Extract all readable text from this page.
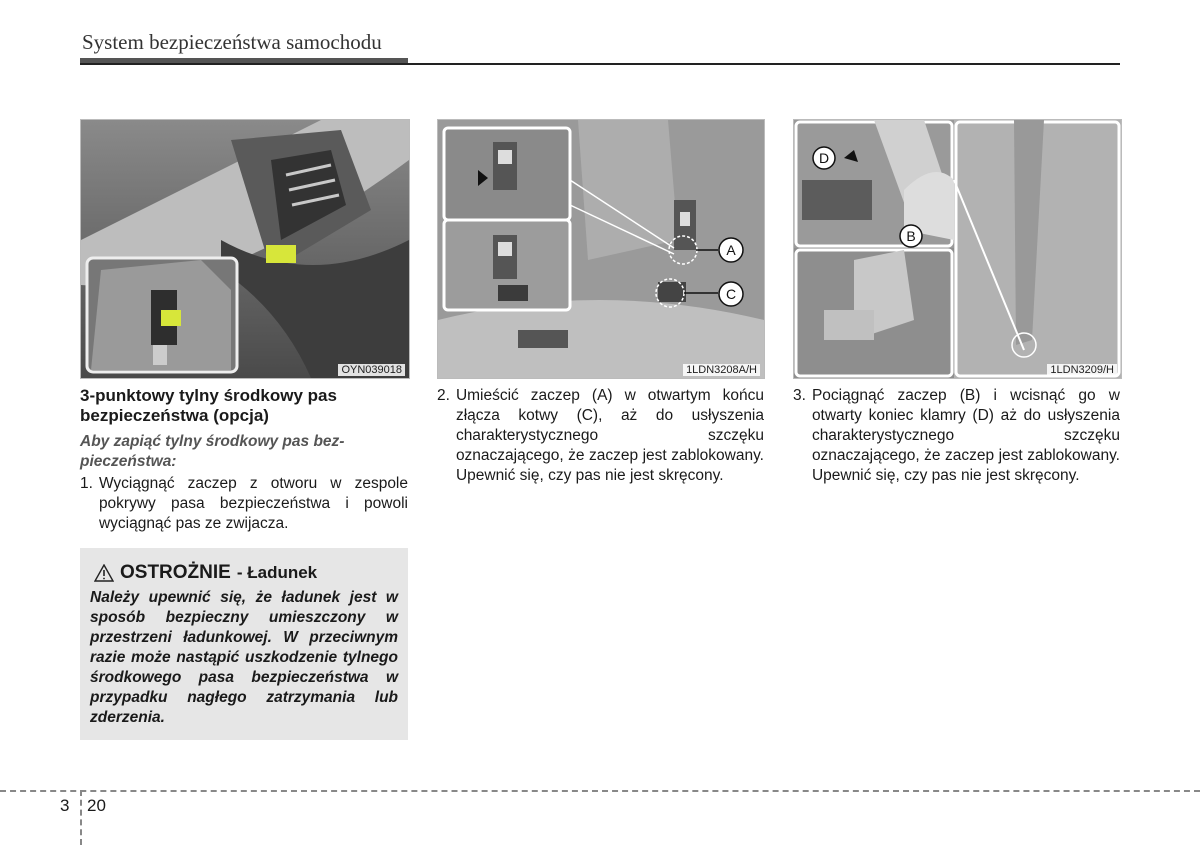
System bezpieczeństwa samochodu
OYN039018
A
C
1LDN3208A/H
D
B
1LDN3209/H
3-punktowy tylny środkowy pas bezpieczeństwa (opcja)
Aby zapiąć tylny środkowy pas bez-pieczeństwa:
1. Wyciągnąć zaczep z otworu w zespole pokrywy pasa bezpieczeństwa i powoli wyciągnąć pas ze zwijacza.
OSTROŻNIE - Ładunek
Należy upewnić się, że ładunek jest w sposób bezpieczny umieszczony w przestrzeni ładunkowej. W przeciwnym razie może nastąpić uszkodzenie tylnego środkowego pasa bezpieczeństwa w przypadku nagłego zatrzymania lub zderzenia.
2. Umieścić zaczep (A) w otwartym końcu złącza kotwy (C), aż do usłyszenia charakterystycznego szczęku oznaczającego, że zaczep jest zablokowany. Upewnić się, czy pas nie jest skręcony.
3. Pociągnąć zaczep (B) i wcisnąć go w otwarty koniec klamry (D) aż do usłyszenia charakterystycznego szczęku oznaczającego, że zaczep jest zablokowany. Upewnić się, czy pas nie jest skręcony.
3 20
